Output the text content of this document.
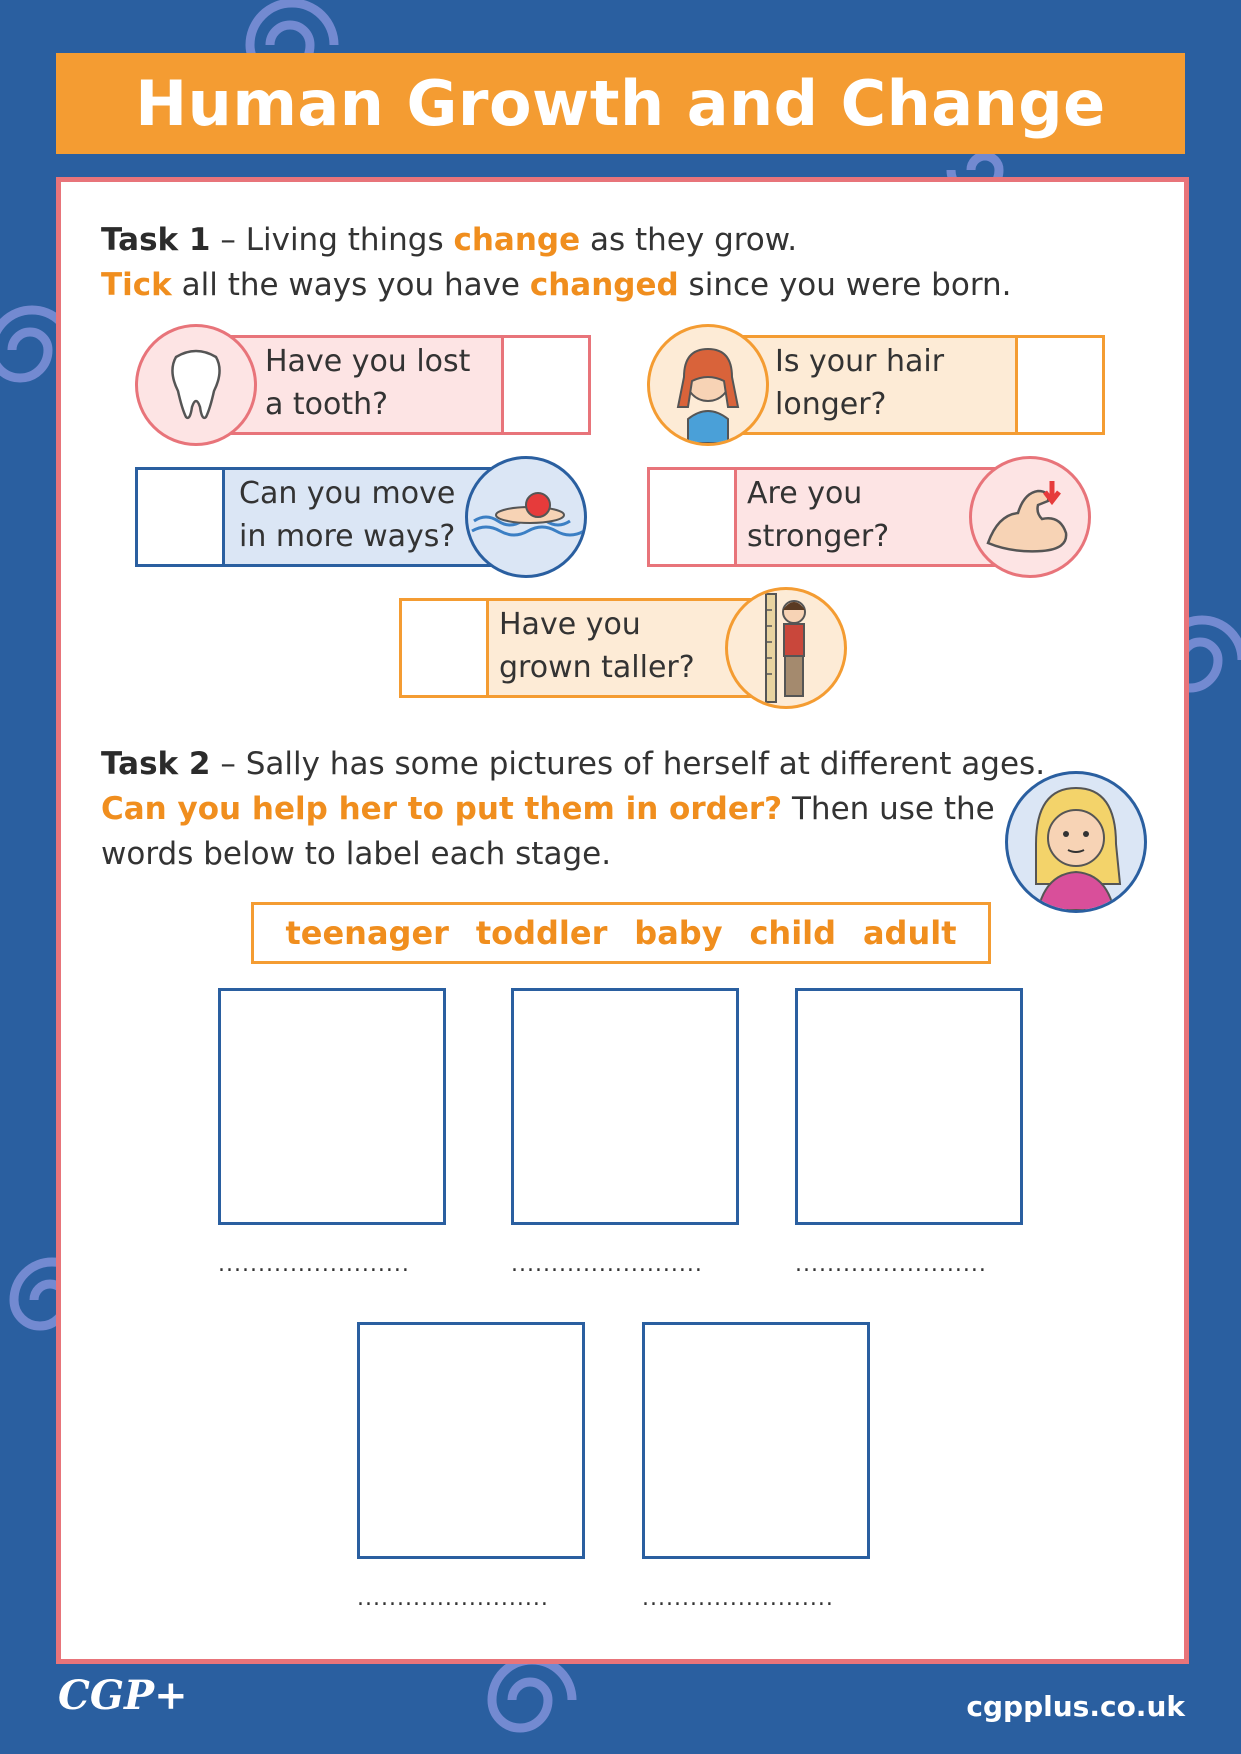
Human Growth and Change
Task 1 – Living things change as they grow.
Tick all the ways you have changed since you were born.
Have you lost
a tooth?
Is your hair
longer?
Can you move
in more ways?
Are you
stronger?
Have you
grown taller?
Task 2 – Sally has some pictures of herself at different ages.
Can you help her to put them in order? Then use the
words below to label each stage.
teenager toddler baby child adult
........................	........................	........................
........................	........................
CGP+	cgpplus.co.uk
